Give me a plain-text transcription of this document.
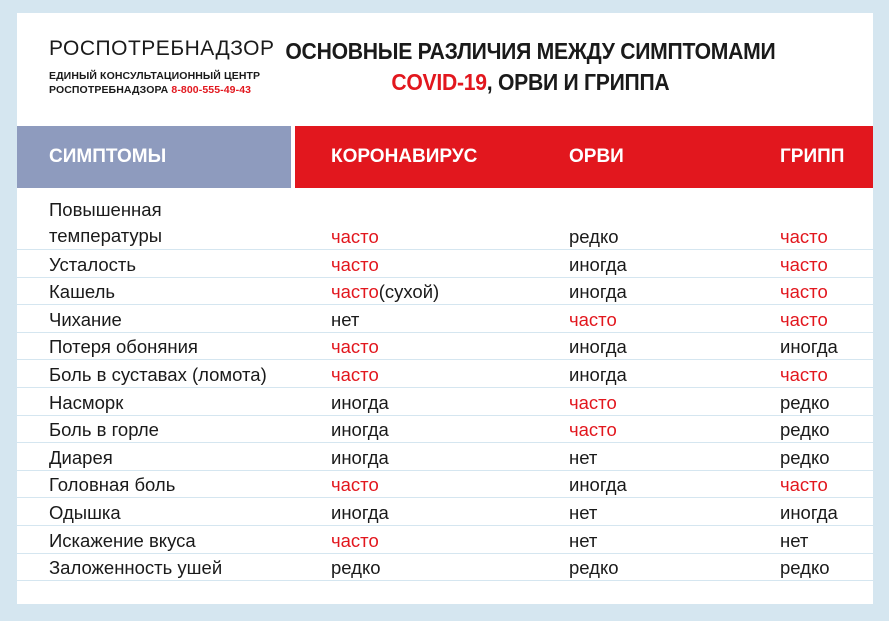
РОСПОТРЕБНАДЗОР
ЕДИНЫЙ КОНСУЛЬТАЦИОННЫЙ ЦЕНТР
РОСПОТРЕБНАДЗОРА 8-800-555-49-43
ОСНОВНЫЕ РАЗЛИЧИЯ МЕЖДУ СИМПТОМАМИ
COVID-19, ОРВИ И ГРИППА
СИМПТОМЫ	КОРОНАВИРУС	ОРВИ	ГРИПП
Повышенная температуры	часто	редко	часто
Усталость	часто	иногда	часто
Кашель	часто(сухой)	иногда	часто
Чихание	нет	часто	часто
Потеря обоняния	часто	иногда	иногда
Боль в суставах (ломота)	часто	иногда	часто
Насморк	иногда	часто	редко
Боль в горле	иногда	часто	редко
Диарея	иногда	нет	редко
Головная боль	часто	иногда	часто
Одышка	иногда	нет	иногда
Искажение вкуса	часто	нет	нет
Заложенность ушей	редко	редко	редко
